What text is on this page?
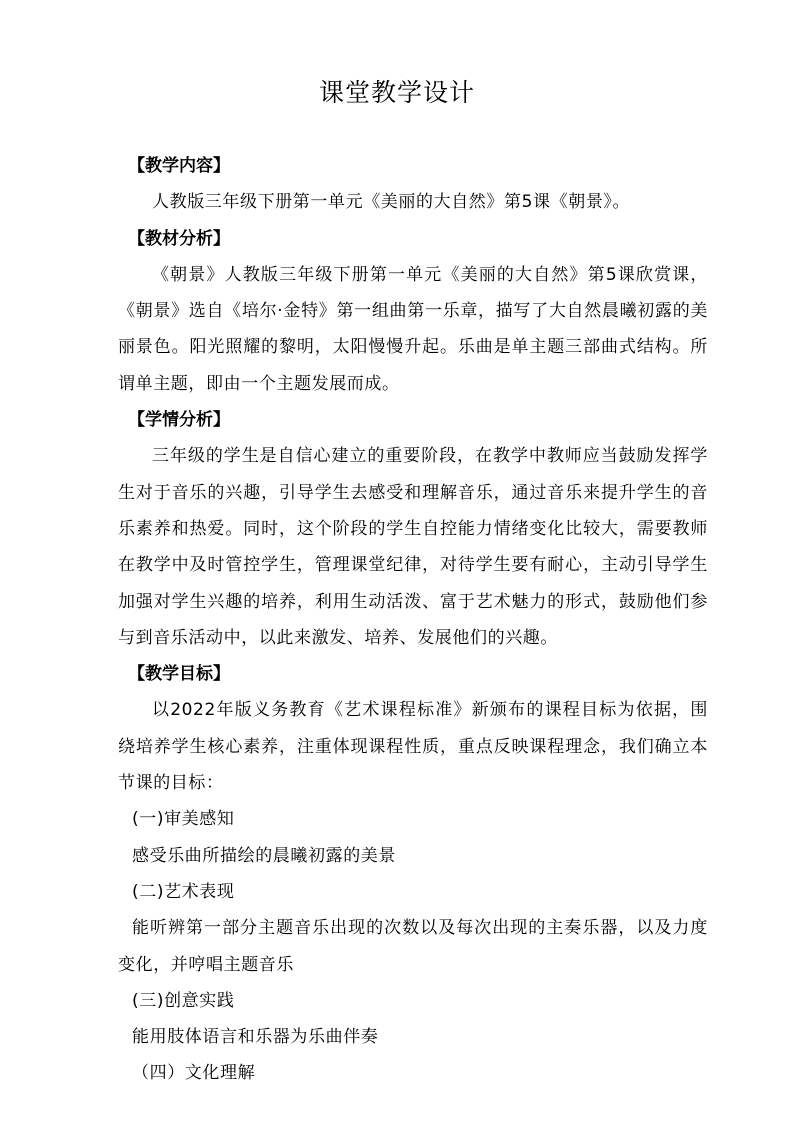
课堂教学设计
【教学内容】
人教版三年级下册第一单元《美丽的大自然》第5课《朝景》。
【教材分析】
《朝景》人教版三年级下册第一单元《美丽的大自然》第5课欣赏课，《朝景》选自《培尔·金特》第一组曲第一乐章，描写了大自然晨曦初露的美丽景色。阳光照耀的黎明，太阳慢慢升起。乐曲是单主题三部曲式结构。所谓单主题，即由一个主题发展而成。
【学情分析】
三年级的学生是自信心建立的重要阶段，在教学中教师应当鼓励发挥学生对于音乐的兴趣，引导学生去感受和理解音乐，通过音乐来提升学生的音乐素养和热爱。同时，这个阶段的学生自控能力情绪变化比较大，需要教师在教学中及时管控学生，管理课堂纪律，对待学生要有耐心，主动引导学生加强对学生兴趣的培养，利用生动活泼、富于艺术魅力的形式，鼓励他们参与到音乐活动中，以此来激发、培养、发展他们的兴趣。
【教学目标】
以2022年版义务教育《艺术课程标准》新颁布的课程目标为依据，围绕培养学生核心素养，注重体现课程性质，重点反映课程理念，我们确立本节课的目标：
(一)审美感知
感受乐曲所描绘的晨曦初露的美景
(二)艺术表现
能听辨第一部分主题音乐出现的次数以及每次出现的主奏乐器，以及力度变化，并哼唱主题音乐
(三)创意实践
能用肢体语言和乐器为乐曲伴奏
（四）文化理解
